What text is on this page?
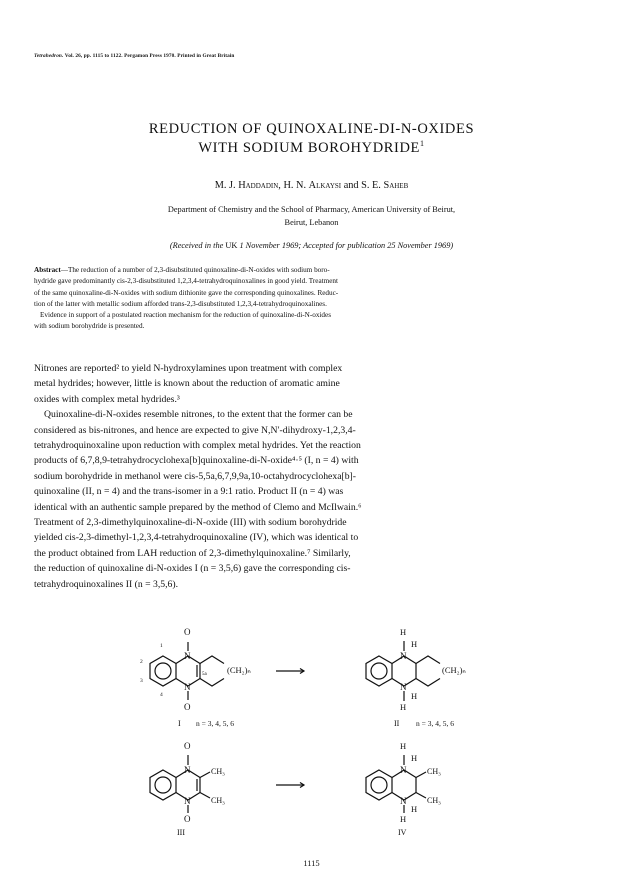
Tetrahedron. Vol. 26, pp. 1115 to 1122. Pergamon Press 1970. Printed in Great Britain
REDUCTION OF QUINOXALINE-DI-N-OXIDES
WITH SODIUM BOROHYDRIDE$^1$
M. J. Haddadin, H. N. Alkaysi and S. E. Saheb
Department of Chemistry and the School of Pharmacy, American University of Beirut,
Beirut, Lebanon
(Received in the UK 1 November 1969; Accepted for publication 25 November 1969)
Abstract—The reduction of a number of 2,3-disubstituted quinoxaline-di-N-oxides with sodium boro-
hydride gave predominantly cis-2,3-disubstituted 1,2,3,4-tetrahydroquinoxalines in good yield. Treatment
of the same quinoxaline-di-N-oxides with sodium dithionite gave the corresponding quinoxalines. Reduc-
tion of the latter with metallic sodium afforded trans-2,3-disubstituted 1,2,3,4-tetrahydroquinoxalines.
Evidence in support of a postulated reaction mechanism for the reduction of quinoxaline-di-N-oxides
with sodium borohydride is presented.
Nitrones are reported² to yield N-hydroxylamines upon treatment with complex
metal hydrides; however, little is known about the reduction of aromatic amine
oxides with complex metal hydrides.³
Quinoxaline-di-N-oxides resemble nitrones, to the extent that the former can be
considered as bis-nitrones, and hence are expected to give N,N′-dihydroxy-1,2,3,4-
tetrahydroquinoxaline upon reduction with complex metal hydrides. Yet the reaction
products of 6,7,8,9-tetrahydrocyclohexa[b]quinoxaline-di-N-oxide⁴·⁵ (I, n = 4) with
sodium borohydride in methanol were cis-5,5a,6,7,9,9a,10-octahydrocyclohexa[b]-
quinoxaline (II, n = 4) and the trans-isomer in a 9:1 ratio. Product II (n = 4) was
identical with an authentic sample prepared by the method of Clemo and McIlwain.⁶
Treatment of 2,3-dimethylquinoxaline-di-N-oxide (III) with sodium borohydride
yielded cis-2,3-dimethyl-1,2,3,4-tetrahydroquinoxaline (IV), which was identical to
the product obtained from LAH reduction of 2,3-dimethylquinoxaline.⁷ Similarly,
the reduction of quinoxaline di-N-oxides I (n = 3,5,6) gave the corresponding cis-
tetrahydroquinoxalines II (n = 3,5,6).
O
N
N
O
(CH₂)ₙ
1
2
3
4
5a
I n = 3, 4, 5, 6
H
N
H
N
H
H
(CH₂)ₙ
II n = 3, 4, 5, 6
O
N
N
O
CH₃
CH₃
III
H
H
N
N
H
H
CH₃
CH₃
IV
1115
